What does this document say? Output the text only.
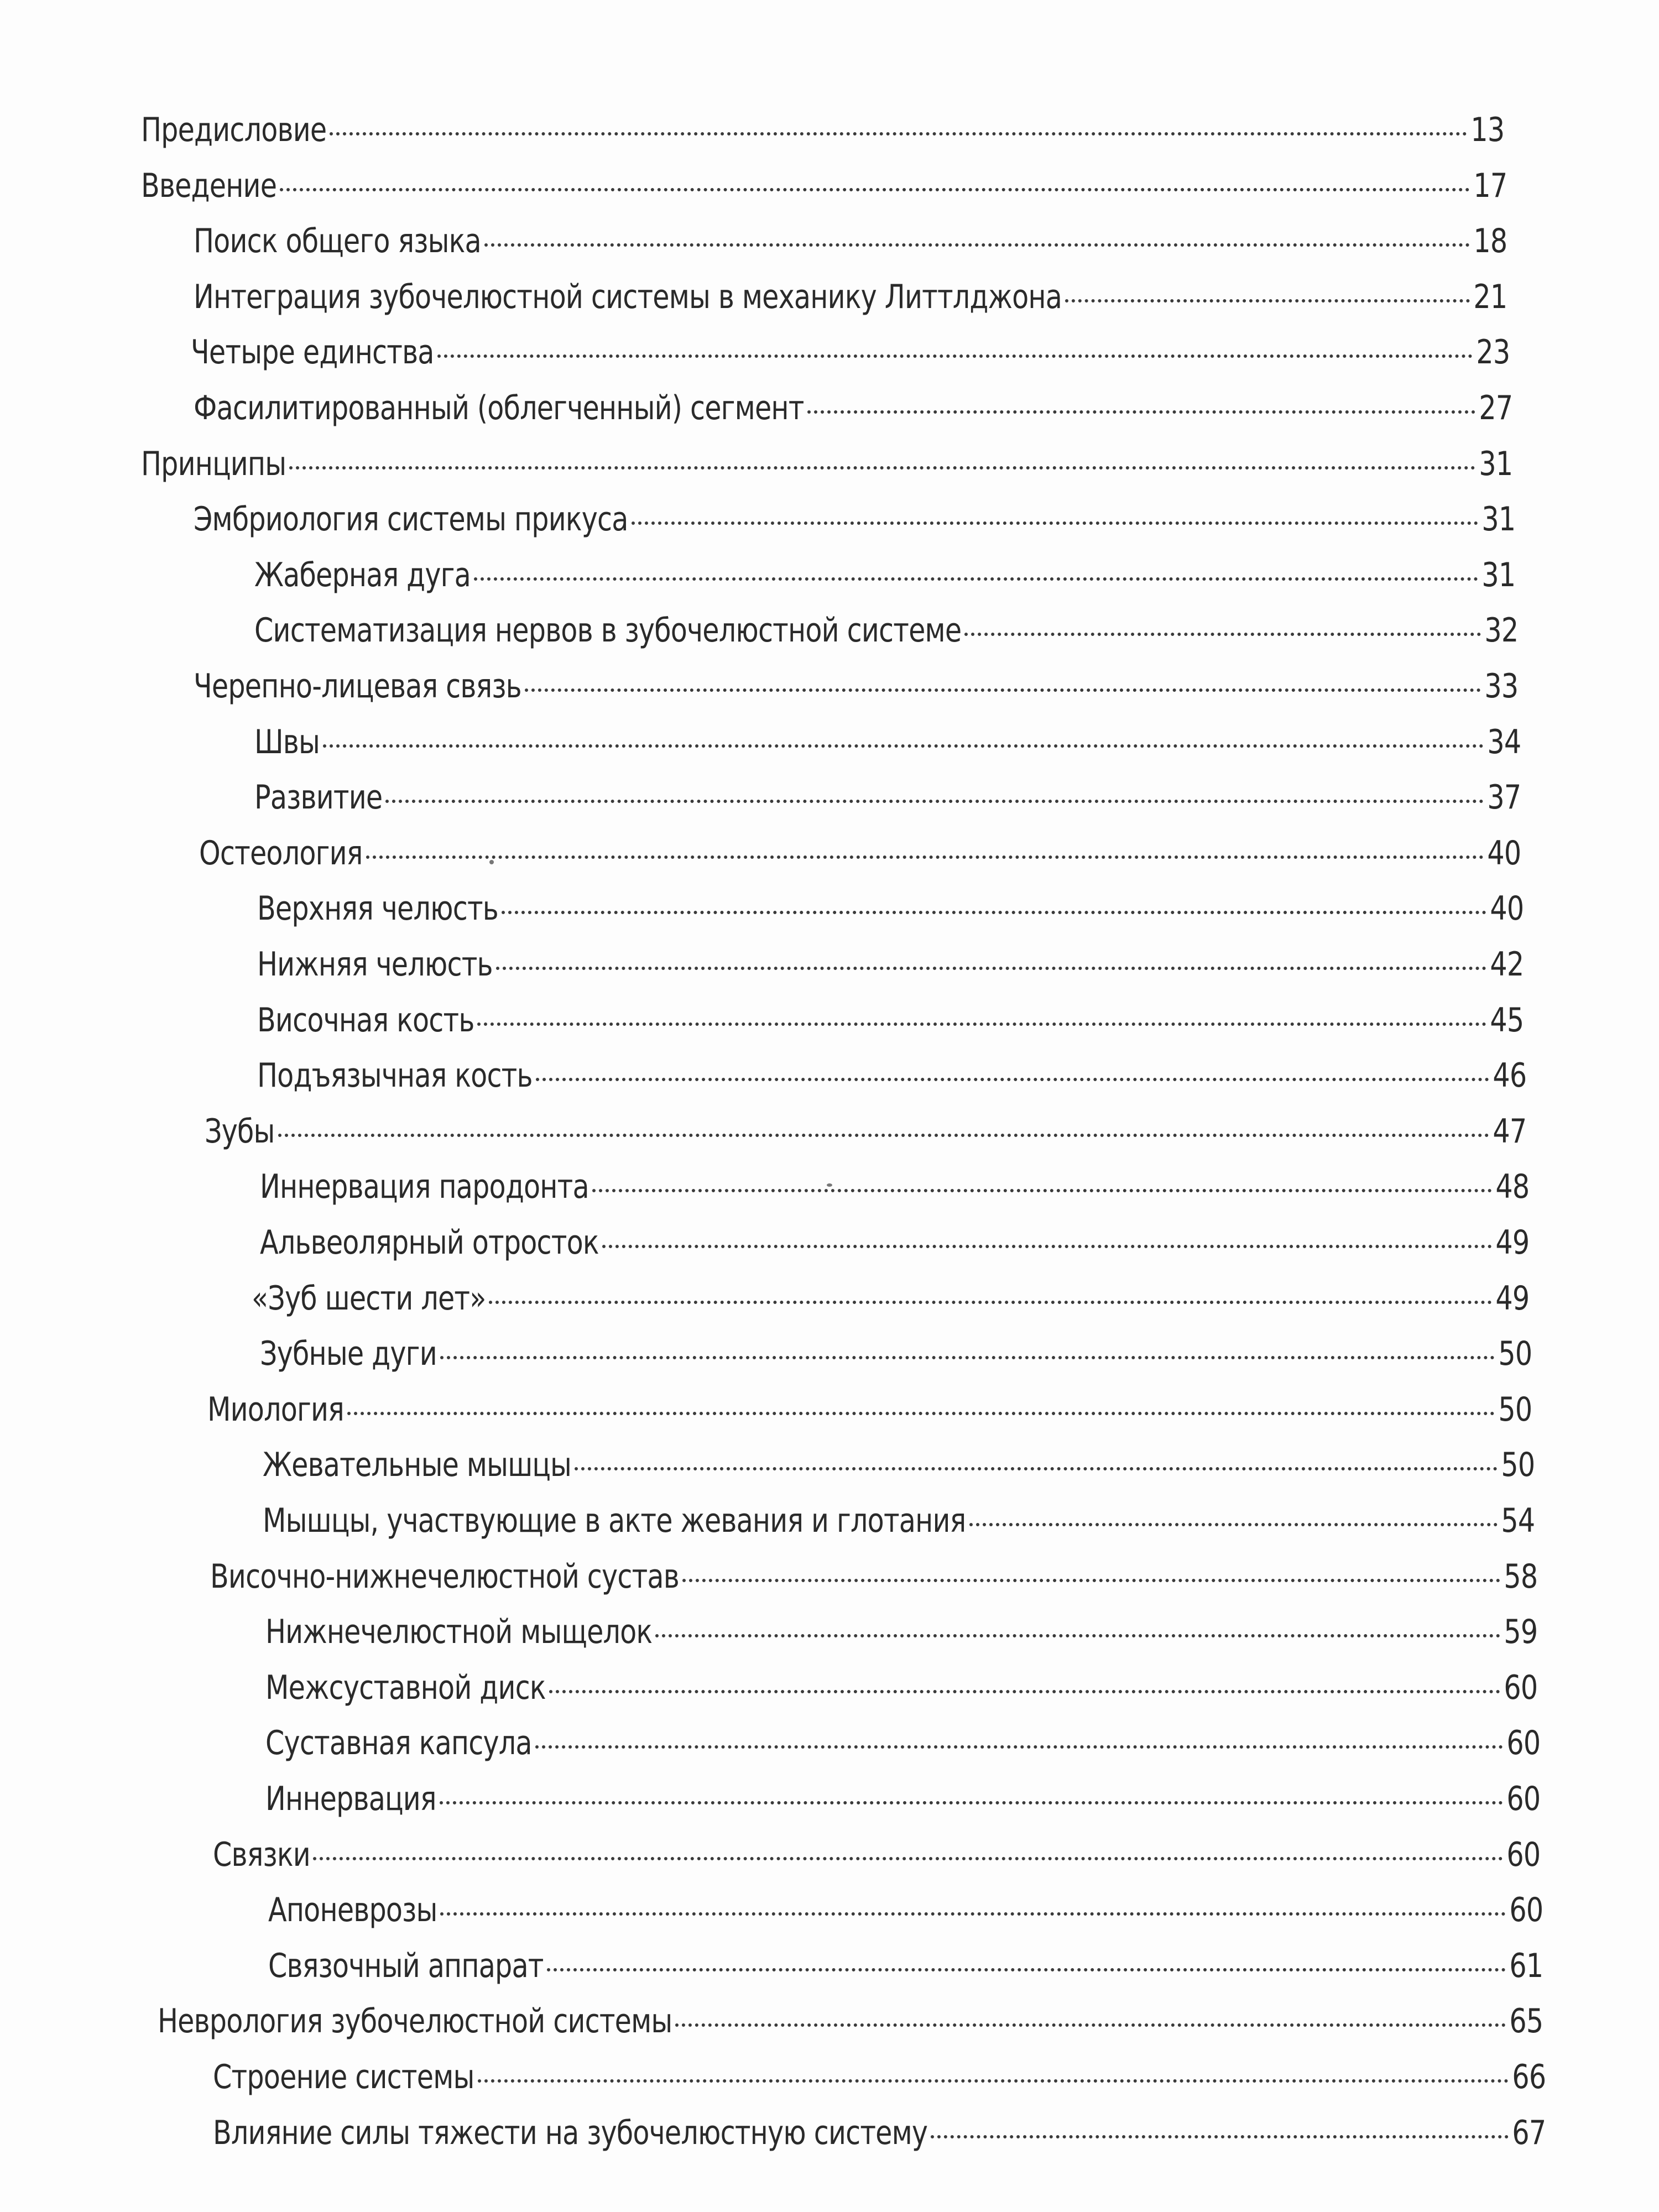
Предисловие	13
Введение	17
Поиск общего языка	18
Интеграция зубочелюстной системы в механику Литтлджона	21
Четыре единства	23
Фасилитированный (облегченный) сегмент	27
Принципы	31
Эмбриология системы прикуса	31
Жаберная дуга	31
Систематизация нервов в зубочелюстной системе	32
Черепно-лицевая связь	33
Швы	34
Развитие	37
Остеология	40
Верхняя челюсть	40
Нижняя челюсть	42
Височная кость	45
Подъязычная кость	46
Зубы	47
Иннервация пародонта	48
Альвеолярный отросток	49
«Зуб шести лет»	49
Зубные дуги	50
Миология	50
Жевательные мышцы	50
Мышцы, участвующие в акте жевания и глотания	54
Височно-нижнечелюстной сустав	58
Нижнечелюстной мыщелок	59
Межсуставной диск	60
Суставная капсула	60
Иннервация	60
Связки	60
Апоневрозы	60
Связочный аппарат	61
Неврология зубочелюстной системы	65
Строение системы	66
Влияние силы тяжести на зубочелюстную систему	67
